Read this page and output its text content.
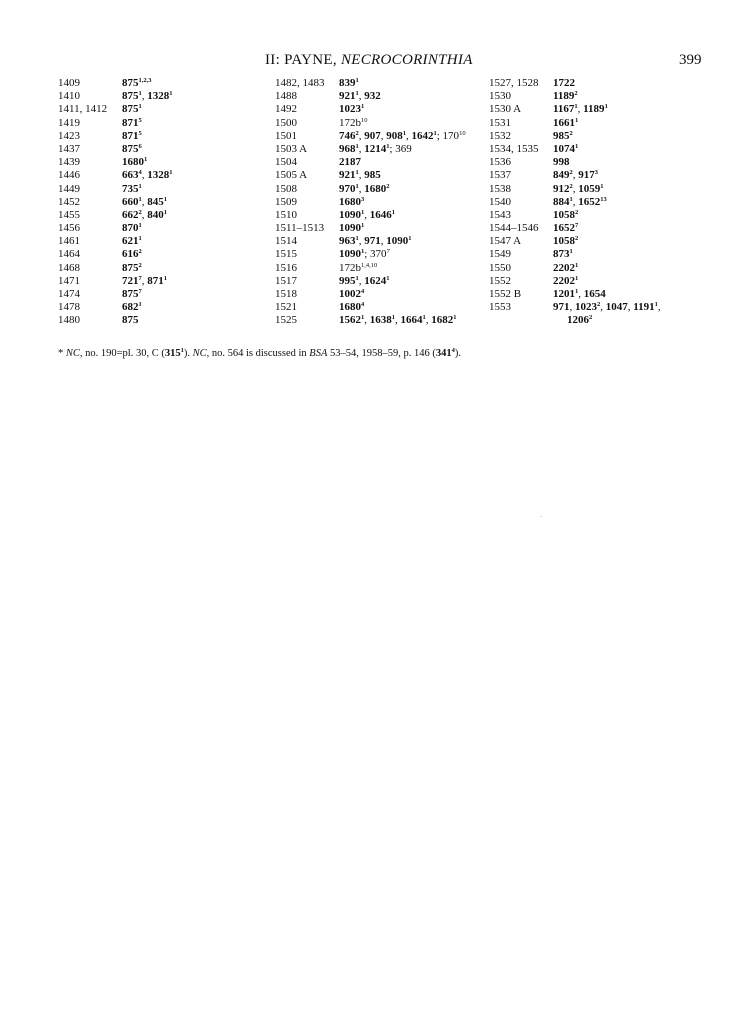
II: PAYNE, NECROCORINTHIA	399
1409	875$^{1,2,3}$
1410	$875^1$, 1328$^1$
1411, 1412	$875^1$
1419	$871^5$
1423	$871^5$
1437	$875^6$
1439	1680$^1$
1446	$663^4$, 1328$^1$
1449	$735^1$
1452	$660^1$, $845^1$
1455	$662^2$, $840^1$
1456	$870^1$
1461	$621^1$
1464	$616^2$
1468	$875^2$
1471	$721^7$, $871^1$
1474	$875^7$
1478	$682^1$
1480	875
1482, 1483	$839^1$
1488	$921^1$, 932
1492	1023$^1$
1500	$172b^{10}$
1501	$746^2$, 907, $908^1$, 1642$^1$; $170^{10}$
1503 A	$968^1$, 1214$^1$; 369
1504	2187
1505 A	$921^1$, 985
1508	$970^1$, 1680$^2$
1509	1680$^3$
1510	1090$^1$, 1646$^1$
1511–1513	1090$^1$
1514	$963^1$, 971, 1090$^1$
1515	1090$^1$; $370^7$
1516	$172b^{1,4,10}$
1517	$995^1$, 1624$^1$
1518	1002$^4$
1521	1680$^4$
1525	1562$^1$, 1638$^1$, 1664$^1$, 1682$^1$
1527, 1528	1722
1530	1189$^2$
1530 A	1167$^1$, 1189$^1$
1531	1661$^1$
1532	$985^2$
1534, 1535	1074$^1$
1536	998
1537	$849^2$, $917^3$
1538	$912^2$, 1059$^1$
1540	$884^1$, 1652$^{13}$
1543	1058$^2$
1544–1546	1652$^7$
1547 A	1058$^2$
1549	$873^1$
1550	2202$^1$
1552	2202$^1$
1552 B	1201$^1$, 1654
1553	971, 1023$^2$, 1047, 1191$^1$,
1206$^2$
* NC, no. 190=pl. 30, C $(315^1)$. NC, no. 564 is discussed in BSA 53–54, 1958–59, p. 146 $(341^4)$.
